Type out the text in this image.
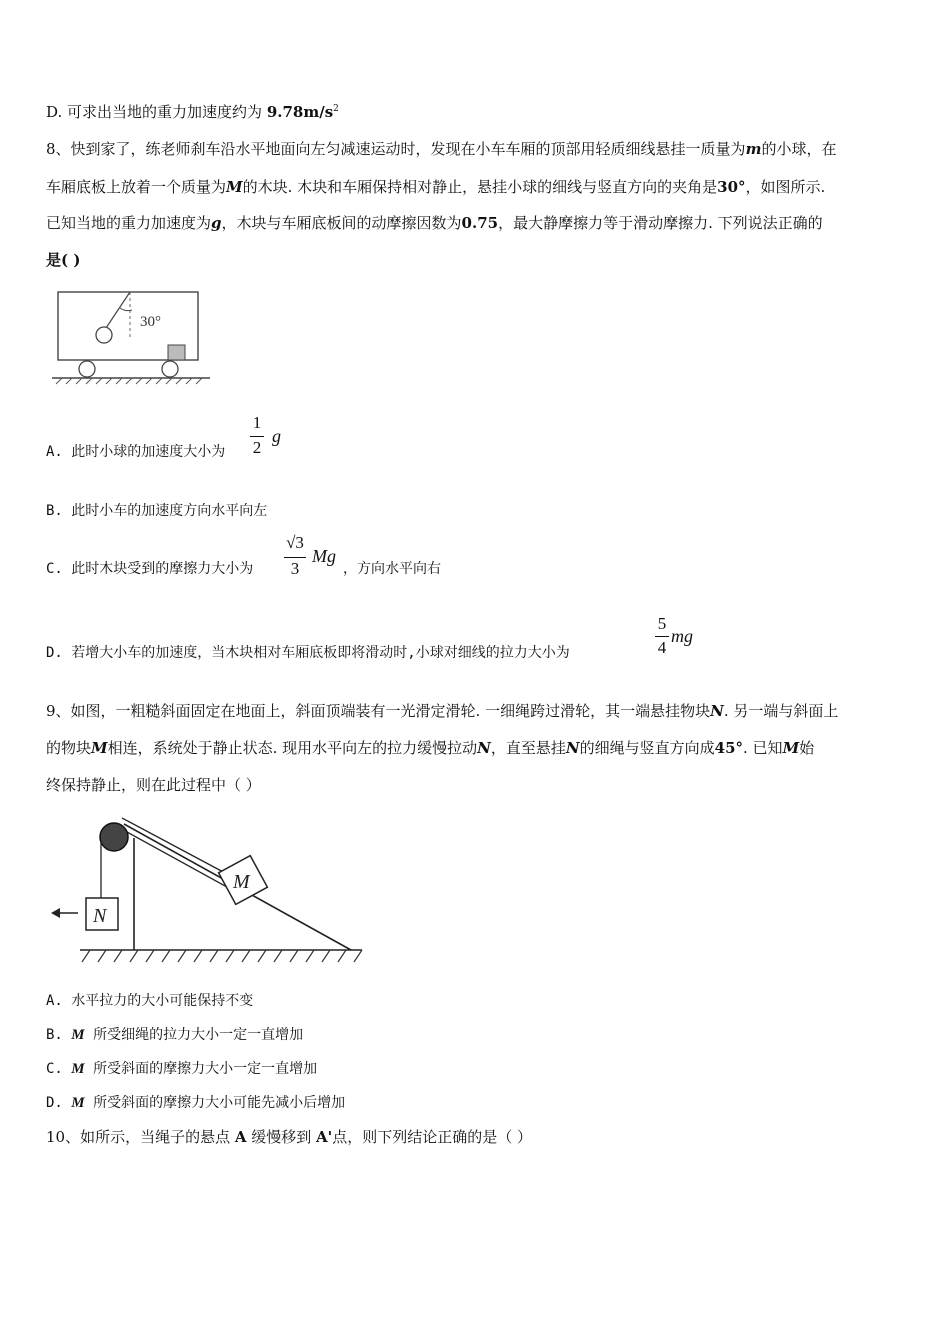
D. 可求出当地的重力加速度约为 $9.78m/s^2$
8、快到家了，练老师刹车沿水平地面向左匀减速运动时，发现在小车车厢的顶部用轻质细线悬挂一质量为m的小球，在
车厢底板上放着一个质量为M的木块. 木块和车厢保持相对静止，悬挂小球的细线与竖直方向的夹角是30°，如图所示.
已知当地的重力加速度为g，木块与车厢底板间的动摩擦因数为0.75，最大静摩擦力等于滑动摩擦力. 下列说法正确的
是( )
30°
A. 此时小球的加速度大小为
1
2
g
B. 此时小车的加速度方向水平向左
C. 此时木块受到的摩擦力大小为
√3
3
Mg
，方向水平向右
D. 若增大小车的加速度，当木块相对车厢底板即将滑动时,小球对细线的拉力大小为
5
4
mg
9、如图，一粗糙斜面固定在地面上，斜面顶端装有一光滑定滑轮. 一细绳跨过滑轮，其一端悬挂物块N. 另一端与斜面上
的物块M相连，系统处于静止状态. 现用水平向左的拉力缓慢拉动N，直至悬挂N的细绳与竖直方向成45°. 已知M始
终保持静止，则在此过程中（ ）
N
M
A. 水平拉力的大小可能保持不变
B. M 所受细绳的拉力大小一定一直增加
C. M 所受斜面的摩擦力大小一定一直增加
D. M 所受斜面的摩擦力大小可能先减小后增加
10、如所示，当绳子的悬点 A 缓慢移到 A'点，则下列结论正确的是（ ）
